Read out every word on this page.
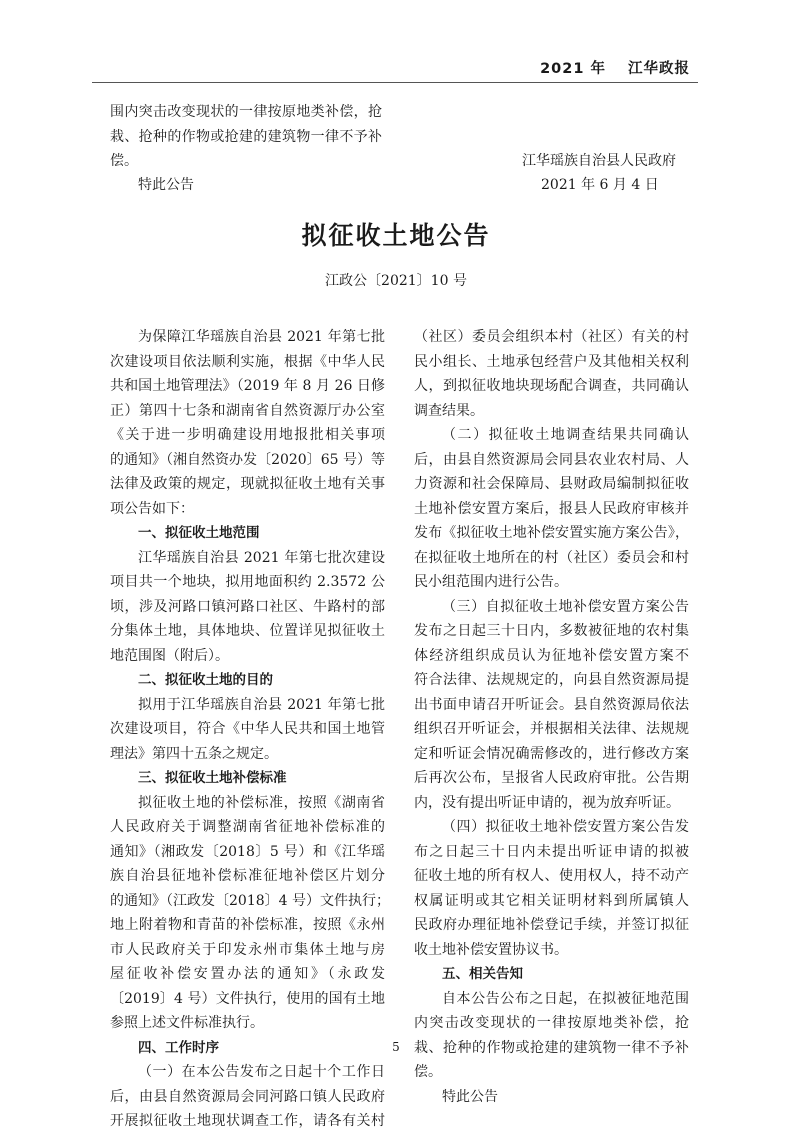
2021 年 江华政报
围内突击改变现状的一律按原地类补偿，抢
栽、抢种的作物或抢建的建筑物一律不予补
偿。
特此公告
江华瑶族自治县人民政府
2021 年 6 月 4 日
拟征收土地公告
江政公〔2021〕10 号
为保障江华瑶族自治县 2021 年第七批
次建设项目依法顺利实施，根据《中华人民
共和国土地管理法》（2019 年 8 月 26 日修
正）第四十七条和湖南省自然资源厅办公室
《关于进一步明确建设用地报批相关事项
的通知》（湘自然资办发〔2020〕65 号）等
法律及政策的规定，现就拟征收土地有关事
项公告如下：
一、拟征收土地范围
江华瑶族自治县 2021 年第七批次建设
项目共一个地块，拟用地面积约 2.3572 公
顷，涉及河路口镇河路口社区、牛路村的部
分集体土地，具体地块、位置详见拟征收土
地范围图（附后）。
二、拟征收土地的目的
拟用于江华瑶族自治县 2021 年第七批
次建设项目，符合《中华人民共和国土地管
理法》第四十五条之规定。
三、拟征收土地补偿标准
拟征收土地的补偿标准，按照《湖南省
人民政府关于调整湖南省征地补偿标准的
通知》（湘政发〔2018〕5 号）和《江华瑶
族自治县征地补偿标准征地补偿区片划分
的通知》（江政发〔2018〕4 号）文件执行；
地上附着物和青苗的补偿标准，按照《永州
市人民政府关于印发永州市集体土地与房
屋征收补偿安置办法的通知》（永政发
〔2019〕4 号）文件执行，使用的国有土地
参照上述文件标准执行。
四、工作时序
（一）在本公告发布之日起十个工作日
后，由县自然资源局会同河路口镇人民政府
开展拟征收土地现状调查工作，请各有关村
（社区）委员会组织本村（社区）有关的村
民小组长、土地承包经营户及其他相关权利
人，到拟征收地块现场配合调查，共同确认
调查结果。
（二）拟征收土地调查结果共同确认
后，由县自然资源局会同县农业农村局、人
力资源和社会保障局、县财政局编制拟征收
土地补偿安置方案后，报县人民政府审核并
发布《拟征收土地补偿安置实施方案公告》，
在拟征收土地所在的村（社区）委员会和村
民小组范围内进行公告。
（三）自拟征收土地补偿安置方案公告
发布之日起三十日内，多数被征地的农村集
体经济组织成员认为征地补偿安置方案不
符合法律、法规规定的，向县自然资源局提
出书面申请召开听证会。县自然资源局依法
组织召开听证会，并根据相关法律、法规规
定和听证会情况确需修改的，进行修改方案
后再次公布，呈报省人民政府审批。公告期
内，没有提出听证申请的，视为放弃听证。
（四）拟征收土地补偿安置方案公告发
布之日起三十日内未提出听证申请的拟被
征收土地的所有权人、使用权人，持不动产
权属证明或其它相关证明材料到所属镇人
民政府办理征地补偿登记手续，并签订拟征
收土地补偿安置协议书。
五、相关告知
自本公告公布之日起，在拟被征地范围
内突击改变现状的一律按原地类补偿，抢
栽、抢种的作物或抢建的建筑物一律不予补
偿。
特此公告
5
